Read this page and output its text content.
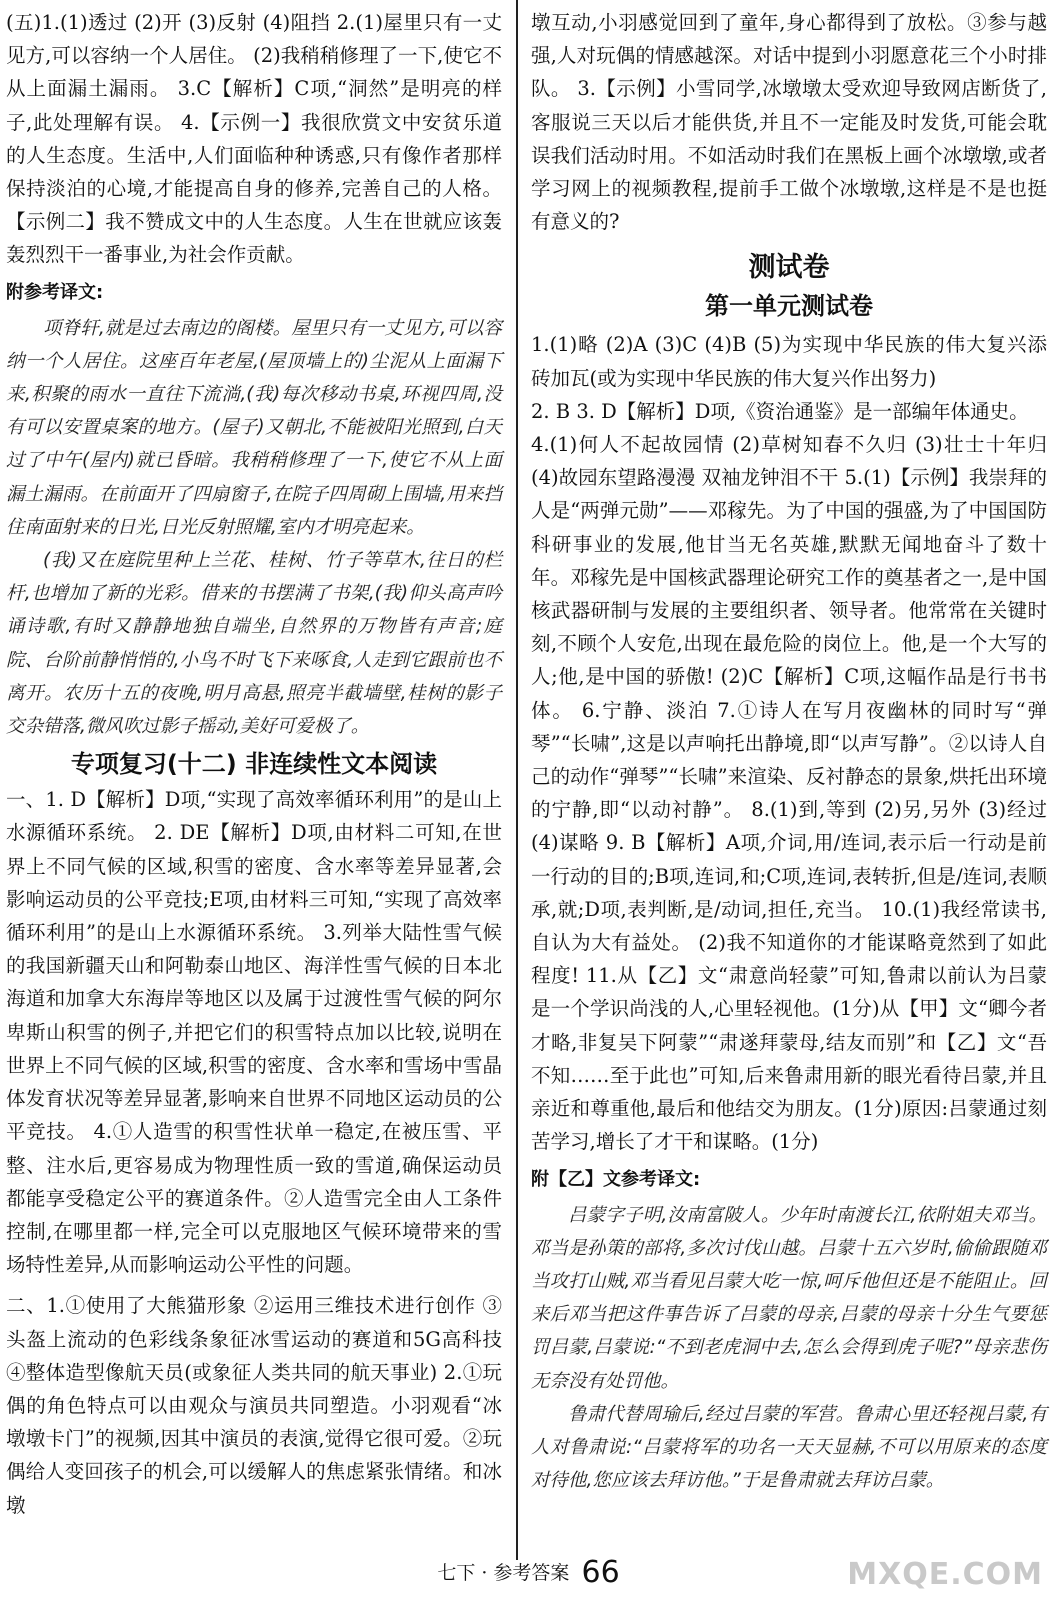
(五)1.(1)透过 (2)开 (3)反射 (4)阻挡 2.(1)屋里只有一丈见方,可以容纳一个人居住。 (2)我稍稍修理了一下,使它不从上面漏土漏雨。 3.C【解析】C项,“洞然”是明亮的样子,此处理解有误。 4.【示例一】我很欣赏文中安贫乐道的人生态度。生活中,人们面临种种诱惑,只有像作者那样保持淡泊的心境,才能提高自身的修养,完善自己的人格。【示例二】我不赞成文中的人生态度。人生在世就应该轰轰烈烈干一番事业,为社会作贡献。

附参考译文:

项脊轩,就是过去南边的阁楼。屋里只有一丈见方,可以容纳一个人居住。这座百年老屋,(屋顶墙上的)尘泥从上面漏下来,积聚的雨水一直往下流淌,(我)每次移动书桌,环视四周,没有可以安置桌案的地方。(屋子)又朝北,不能被阳光照到,白天过了中午(屋内)就已昏暗。我稍稍修理了一下,使它不从上面漏土漏雨。在前面开了四扇窗子,在院子四周砌上围墙,用来挡住南面射来的日光,日光反射照耀,室内才明亮起来。

(我)又在庭院里种上兰花、桂树、竹子等草木,往日的栏杆,也增加了新的光彩。借来的书摆满了书架,(我)仰头高声吟诵诗歌,有时又静静地独自端坐,自然界的万物皆有声音;庭院、台阶前静悄悄的,小鸟不时飞下来啄食,人走到它跟前也不离开。农历十五的夜晚,明月高悬,照亮半截墙壁,桂树的影子交杂错落,微风吹过影子摇动,美好可爱极了。

专项复习(十二) 非连续性文本阅读

一、1. D【解析】D项,“实现了高效率循环利用”的是山上水源循环系统。 2. DE【解析】D项,由材料二可知,在世界上不同气候的区域,积雪的密度、含水率等差异显著,会影响运动员的公平竞技;E项,由材料三可知,“实现了高效率循环利用”的是山上水源循环系统。 3.列举大陆性雪气候的我国新疆天山和阿勒泰山地区、海洋性雪气候的日本北海道和加拿大东海岸等地区以及属于过渡性雪气候的阿尔卑斯山积雪的例子,并把它们的积雪特点加以比较,说明在世界上不同气候的区域,积雪的密度、含水率和雪场中雪晶体发育状况等差异显著,影响来自世界不同地区运动员的公平竞技。 4.①人造雪的积雪性状单一稳定,在被压雪、平整、注水后,更容易成为物理性质一致的雪道,确保运动员都能享受稳定公平的赛道条件。②人造雪完全由人工条件控制,在哪里都一样,完全可以克服地区气候环境带来的雪场特性差异,从而影响运动公平性的问题。

二、1.①使用了大熊猫形象 ②运用三维技术进行创作 ③头盔上流动的色彩线条象征冰雪运动的赛道和5G高科技 ④整体造型像航天员(或象征人类共同的航天事业) 2.①玩偶的角色特点可以由观众与演员共同塑造。小羽观看“冰墩墩卡门”的视频,因其中演员的表演,觉得它很可爱。②玩偶给人变回孩子的机会,可以缓解人的焦虑紧张情绪。和冰墩

墩互动,小羽感觉回到了童年,身心都得到了放松。③参与越强,人对玩偶的情感越深。对话中提到小羽愿意花三个小时排队。 3.【示例】小雪同学,冰墩墩太受欢迎导致网店断货了,客服说三天以后才能供货,并且不一定能及时发货,可能会耽误我们活动时用。不如活动时我们在黑板上画个冰墩墩,或者学习网上的视频教程,提前手工做个冰墩墩,这样是不是也挺有意义的?

测试卷

第一单元测试卷

1.(1)略 (2)A (3)C (4)B (5)为实现中华民族的伟大复兴添砖加瓦(或为实现中华民族的伟大复兴作出努力)

2. B 3. D【解析】D项,《资治通鉴》是一部编年体通史。

4.(1)何人不起故园情 (2)草树知春不久归 (3)壮士十年归 (4)故园东望路漫漫 双袖龙钟泪不干 5.(1)【示例】我崇拜的人是“两弹元勋”——邓稼先。为了中国的强盛,为了中国国防科研事业的发展,他甘当无名英雄,默默无闻地奋斗了数十年。邓稼先是中国核武器理论研究工作的奠基者之一,是中国核武器研制与发展的主要组织者、领导者。他常常在关键时刻,不顾个人安危,出现在最危险的岗位上。他,是一个大写的人;他,是中国的骄傲! (2)C【解析】C项,这幅作品是行书书体。 6.宁静、淡泊 7.①诗人在写月夜幽林的同时写“弹琴”“长啸”,这是以声响托出静境,即“以声写静”。②以诗人自己的动作“弹琴”“长啸”来渲染、反衬静态的景象,烘托出环境的宁静,即“以动衬静”。 8.(1)到,等到 (2)另,另外 (3)经过 (4)谋略 9. B【解析】A项,介词,用/连词,表示后一行动是前一行动的目的;B项,连词,和;C项,连词,表转折,但是/连词,表顺承,就;D项,表判断,是/动词,担任,充当。 10.(1)我经常读书,自认为大有益处。 (2)我不知道你的才能谋略竟然到了如此程度! 11.从【乙】文“肃意尚轻蒙”可知,鲁肃以前认为吕蒙是一个学识尚浅的人,心里轻视他。(1分)从【甲】文“卿今者才略,非复吴下阿蒙”“肃遂拜蒙母,结友而别”和【乙】文“吾不知……至于此也”可知,后来鲁肃用新的眼光看待吕蒙,并且亲近和尊重他,最后和他结交为朋友。(1分)原因:吕蒙通过刻苦学习,增长了才干和谋略。(1分)

附【乙】文参考译文:

吕蒙字子明,汝南富陂人。少年时南渡长江,依附姐夫邓当。邓当是孙策的部将,多次讨伐山越。吕蒙十五六岁时,偷偷跟随邓当攻打山贼,邓当看见吕蒙大吃一惊,呵斥他但还是不能阻止。回来后邓当把这件事告诉了吕蒙的母亲,吕蒙的母亲十分生气要惩罚吕蒙,吕蒙说:“不到老虎洞中去,怎么会得到虎子呢?”母亲悲伤无奈没有处罚他。

鲁肃代替周瑜后,经过吕蒙的军营。鲁肃心里还轻视吕蒙,有人对鲁肃说:“吕蒙将军的功名一天天显赫,不可以用原来的态度对待他,您应该去拜访他。”于是鲁肃就去拜访吕蒙。

七下 · 参考答案 66	MXQE.COM
